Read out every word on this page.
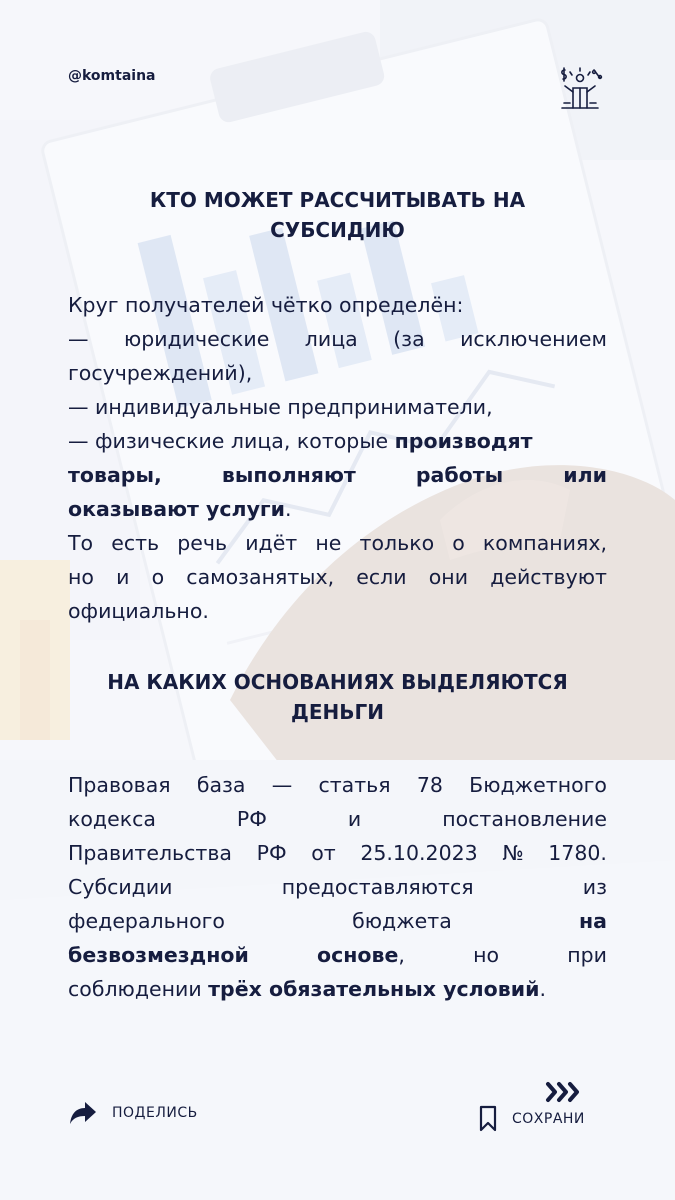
@komtaina
КТО МОЖЕТ РАССЧИТЫВАТЬ НА
СУБСИДИЮ
Круг получателей чётко определён:
— юридические лица (за исключением
госучреждений),
— индивидуальные предприниматели,
— физические лица, которые производят
товары,	выполняют	работы	или
оказывают услуги.
То есть речь идёт не только о компаниях,
но и о самозанятых, если они действуют
официально.
НА КАКИХ ОСНОВАНИЯХ ВЫДЕЛЯЮТСЯ
ДЕНЬГИ
Правовая база — статья 78 Бюджетного
кодекса	РФ	и	постановление
Правительства РФ от 25.10.2023 № 1780.
Субсидии	предоставляются	из
федерального	бюджета	на
безвозмездной	основе,	но	при
соблюдении трёх обязательных условий.
ПОДЕЛИСЬ	СОХРАНИ
